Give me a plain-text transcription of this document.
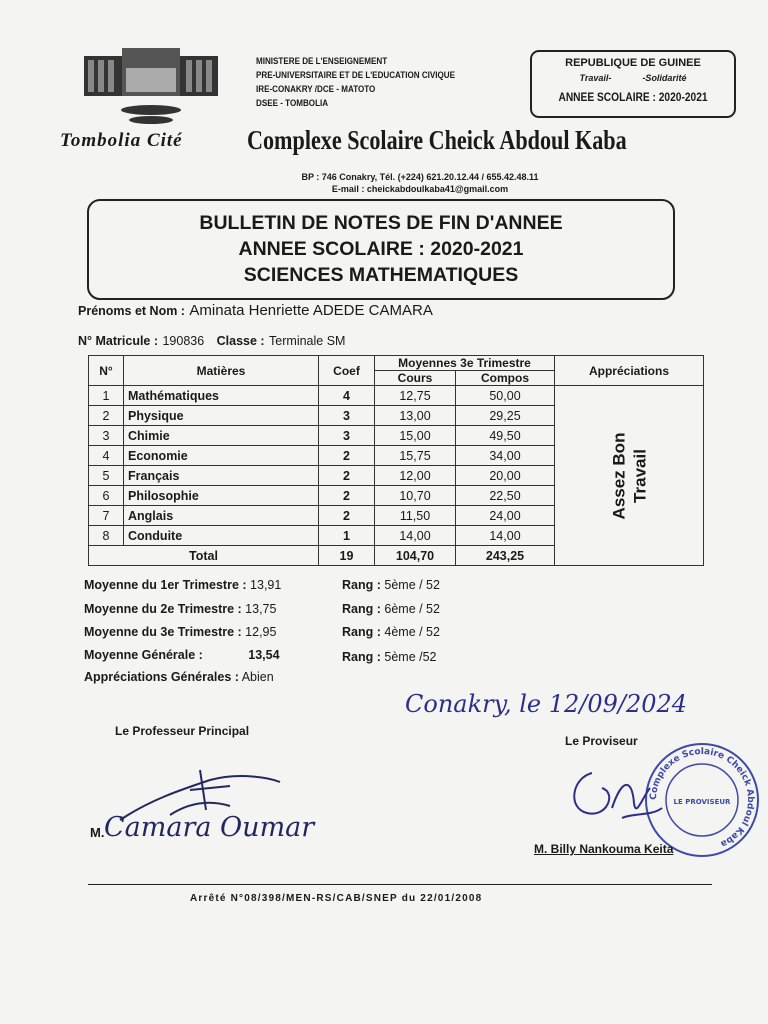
Tombolia Cité
MINISTERE DE L'ENSEIGNEMENT
PRE-UNIVERSITAIRE ET DE L'EDUCATION CIVIQUE
IRE-CONAKRY /DCE - MATOTO
DSEE - TOMBOLIA
REPUBLIQUE DE GUINEE
Travail-	-Solidarité
ANNEE SCOLAIRE : 2020-2021
Complexe Scolaire Cheick Abdoul Kaba
BP : 746 Conakry, Tél. (+224) 621.20.12.44 / 655.42.48.11
E-mail : cheickabdoulkaba41@gmail.com
BULLETIN DE NOTES DE FIN D'ANNEE
ANNEE SCOLAIRE : 2020-2021
SCIENCES MATHEMATIQUES
Prénoms et Nom : Aminata Henriette ADEDE CAMARA
N° Matricule : 190836 Classe : Terminale SM
N°	Matières	Coef	Moyennes 3e Trimestre		Appréciations
			Cours	Compos	
1	Mathématiques	4	12,75	50,00	Assez Bon Travail

2	Physique	3	13,00	29,25	
3	Chimie	3	15,00	49,50	
4	Economie	2	15,75	34,00	
5	Français	2	12,00	20,00	
6	Philosophie	2	10,70	22,50	
7	Anglais	2	11,50	24,00	
8	Conduite	1	14,00	14,00	
Total		19	104,70	243,25	
Moyenne du 1er Trimestre : 13,91	Rang : 5ème / 52
Moyenne du 2e Trimestre : 13,75	Rang : 6ème / 52
Moyenne du 3e Trimestre : 12,95	Rang : 4ème / 52
Moyenne Générale :	13,54	Rang : 5ème /52
Appréciations Générales : Abien
Conakry, le 12/09/2024
Le Professeur Principal
Le Proviseur
M. Camara Oumar
Complexe Scolaire Cheick Abdoul Kaba
LE PROVISEUR
M. Billy Nankouma Keita
Arrêté N°08/398/MEN-RS/CAB/SNEP du 22/01/2008
